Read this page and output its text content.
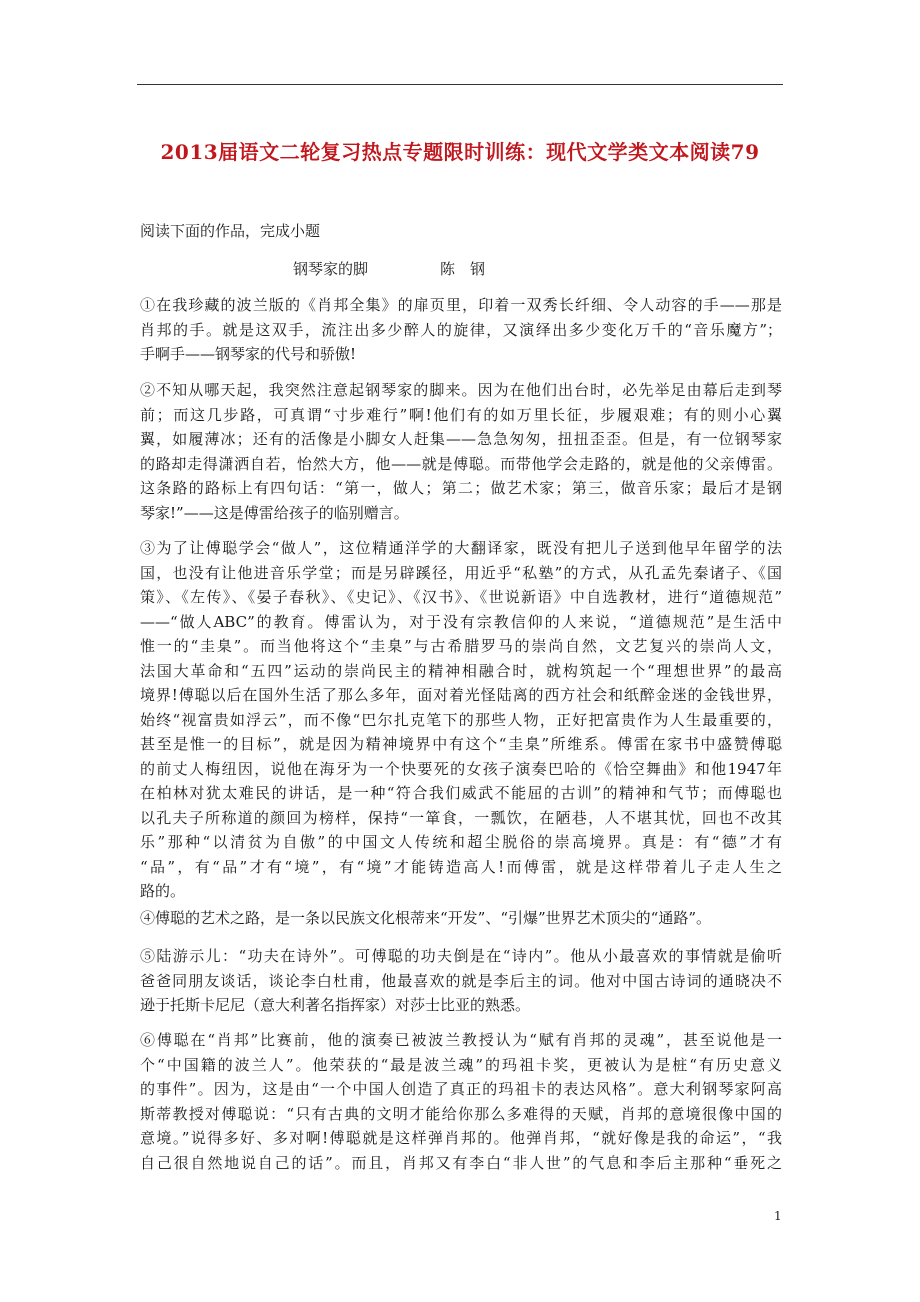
2013届语文二轮复习热点专题限时训练：现代文学类文本阅读79
阅读下面的作品，完成小题
钢琴家的脚	陈　钢
①在我珍藏的波兰版的《肖邦全集》的扉页里，印着一双秀长纤细、令人动容的手——那是
肖邦的手。就是这双手，流注出多少醉人的旋律，又演绎出多少变化万千的“音乐魔方”；
手啊手——钢琴家的代号和骄傲!
②不知从哪天起，我突然注意起钢琴家的脚来。因为在他们出台时，必先举足由幕后走到琴
前；而这几步路，可真谓“寸步难行”啊!他们有的如万里长征，步履艰难；有的则小心翼
翼，如履薄冰；还有的活像是小脚女人赶集——急急匆匆，扭扭歪歪。但是，有一位钢琴家
的路却走得潇洒自若，怡然大方，他——就是傅聪。而带他学会走路的，就是他的父亲傅雷。
这条路的路标上有四句话：“第一，做人；第二；做艺术家；第三，做音乐家；最后才是钢
琴家!”——这是傅雷给孩子的临别赠言。
③为了让傅聪学会“做人”，这位精通洋学的大翻译家，既没有把儿子送到他早年留学的法
国，也没有让他进音乐学堂；而是另辟蹊径，用近乎“私塾”的方式，从孔孟先秦诸子、《国
策》、《左传》、《晏子春秋》、《史记》、《汉书》、《世说新语》中自选教材，进行“道德规范”
——“做人ABC”的教育。傅雷认为，对于没有宗教信仰的人来说，“道德规范”是生活中
惟一的“圭臬”。而当他将这个“圭臬”与古希腊罗马的崇尚自然，文艺复兴的崇尚人文，
法国大革命和“五四”运动的崇尚民主的精神相融合时，就构筑起一个“理想世界”的最高
境界!傅聪以后在国外生活了那么多年，面对着光怪陆离的西方社会和纸醉金迷的金钱世界，
始终“视富贵如浮云”，而不像“巴尔扎克笔下的那些人物，正好把富贵作为人生最重要的，
甚至是惟一的目标”，就是因为精神境界中有这个“圭臬”所维系。傅雷在家书中盛赞傅聪
的前丈人梅纽因，说他在海牙为一个快要死的女孩子演奏巴哈的《恰空舞曲》和他1947年
在柏林对犹太难民的讲话，是一种“符合我们威武不能屈的古训”的精神和气节；而傅聪也
以孔夫子所称道的颜回为榜样，保持“一箪食，一瓢饮，在陋巷，人不堪其忧，回也不改其
乐”那种“以清贫为自傲”的中国文人传统和超尘脱俗的崇高境界。真是：有“德”才有
“品”，有“品”才有“境”，有“境”才能铸造高人!而傅雷，就是这样带着儿子走人生之
路的。
④傅聪的艺术之路，是一条以民族文化根蒂来“开发”、“引爆”世界艺术顶尖的“通路”。
⑤陆游示儿：“功夫在诗外”。可傅聪的功夫倒是在“诗内”。他从小最喜欢的事情就是偷听
爸爸同朋友谈话，谈论李白杜甫，他最喜欢的就是李后主的词。他对中国古诗词的通晓决不
逊于托斯卡尼尼（意大利著名指挥家）对莎士比亚的熟悉。
⑥傅聪在“肖邦”比赛前，他的演奏已被波兰教授认为“赋有肖邦的灵魂”，甚至说他是一
个“中国籍的波兰人”。他荣获的“最是波兰魂”的玛祖卡奖，更被认为是桩“有历史意义
的事件”。因为，这是由“一个中国人创造了真正的玛祖卡的表达风格”。意大利钢琴家阿高
斯蒂教授对傅聪说：“只有古典的文明才能给你那么多难得的天赋，肖邦的意境很像中国的
意境。”说得多好、多对啊!傅聪就是这样弹肖邦的。他弹肖邦，“就好像是我的命运”，“我
自己很自然地说自己的话”。而且，肖邦又有李白“非人世”的气息和李后主那种“垂死之
1
